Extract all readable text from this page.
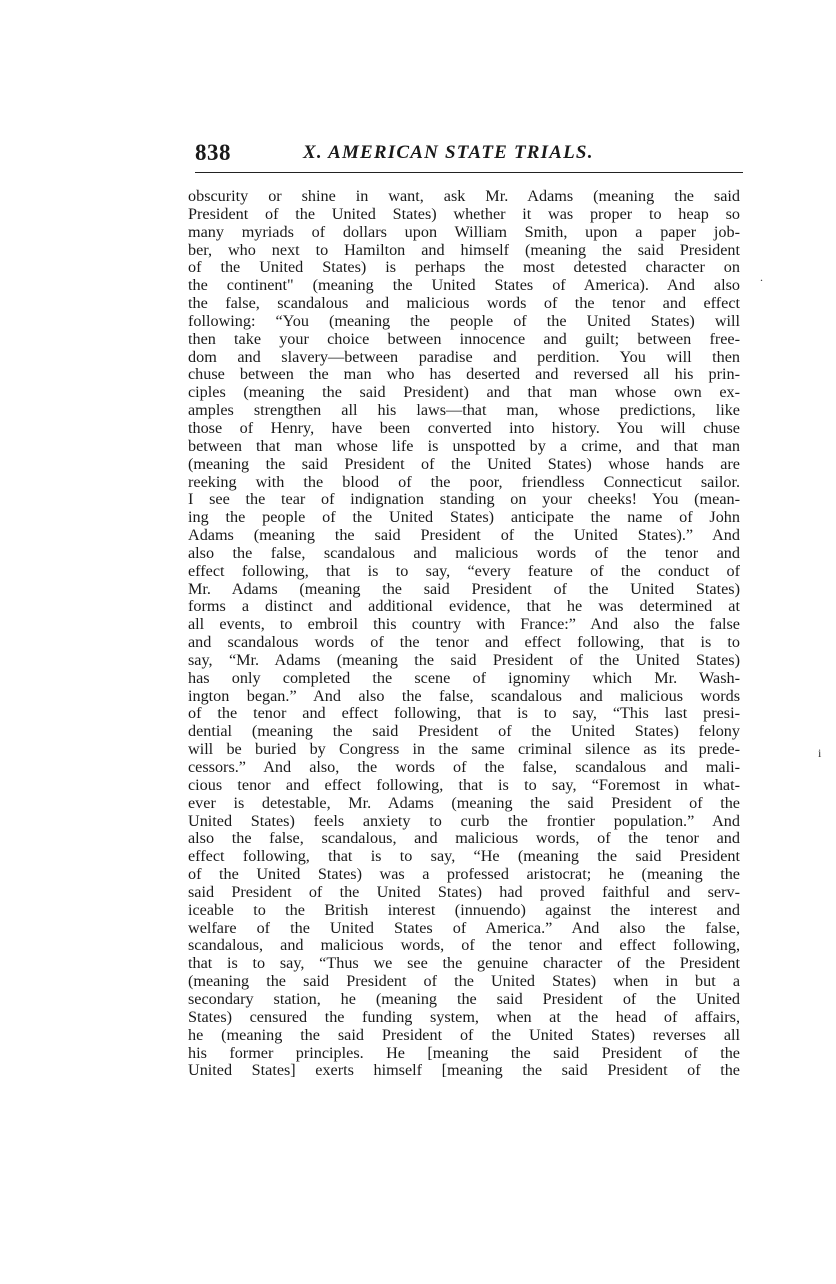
838	X. AMERICAN STATE TRIALS.
obscurity or shine in want, ask Mr. Adams (meaning the said
President of the United States) whether it was proper to heap so
many myriads of dollars upon William Smith, upon a paper job-
ber, who next to Hamilton and himself (meaning the said President
of the United States) is perhaps the most detested character on
the continent" (meaning the United States of America). And also
the false, scandalous and malicious words of the tenor and effect
following: “You (meaning the people of the United States) will
then take your choice between innocence and guilt; between free-
dom and slavery—between paradise and perdition. You will then
chuse between the man who has deserted and reversed all his prin-
ciples (meaning the said President) and that man whose own ex-
amples strengthen all his laws—that man, whose predictions, like
those of Henry, have been converted into history. You will chuse
between that man whose life is unspotted by a crime, and that man
(meaning the said President of the United States) whose hands are
reeking with the blood of the poor, friendless Connecticut sailor.
I see the tear of indignation standing on your cheeks! You (mean-
ing the people of the United States) anticipate the name of John
Adams (meaning the said President of the United States).” And
also the false, scandalous and malicious words of the tenor and
effect following, that is to say, “every feature of the conduct of
Mr. Adams (meaning the said President of the United States)
forms a distinct and additional evidence, that he was determined at
all events, to embroil this country with France:” And also the false
and scandalous words of the tenor and effect following, that is to
say, “Mr. Adams (meaning the said President of the United States)
has only completed the scene of ignominy which Mr. Wash-
ington began.” And also the false, scandalous and malicious words
of the tenor and effect following, that is to say, “This last presi-
dential (meaning the said President of the United States) felony
will be buried by Congress in the same criminal silence as its prede-
cessors.” And also, the words of the false, scandalous and mali-
cious tenor and effect following, that is to say, “Foremost in what-
ever is detestable, Mr. Adams (meaning the said President of the
United States) feels anxiety to curb the frontier population.” And
also the false, scandalous, and malicious words, of the tenor and
effect following, that is to say, “He (meaning the said President
of the United States) was a professed aristocrat; he (meaning the
said President of the United States) had proved faithful and serv-
iceable to the British interest (innuendo) against the interest and
welfare of the United States of America.” And also the false,
scandalous, and malicious words, of the tenor and effect following,
that is to say, “Thus we see the genuine character of the President
(meaning the said President of the United States) when in but a
secondary station, he (meaning the said President of the United
States) censured the funding system, when at the head of affairs,
he (meaning the said President of the United States) reverses all
his former principles. He [meaning the said President of the
United States] exerts himself [meaning the said President of the
.
i
